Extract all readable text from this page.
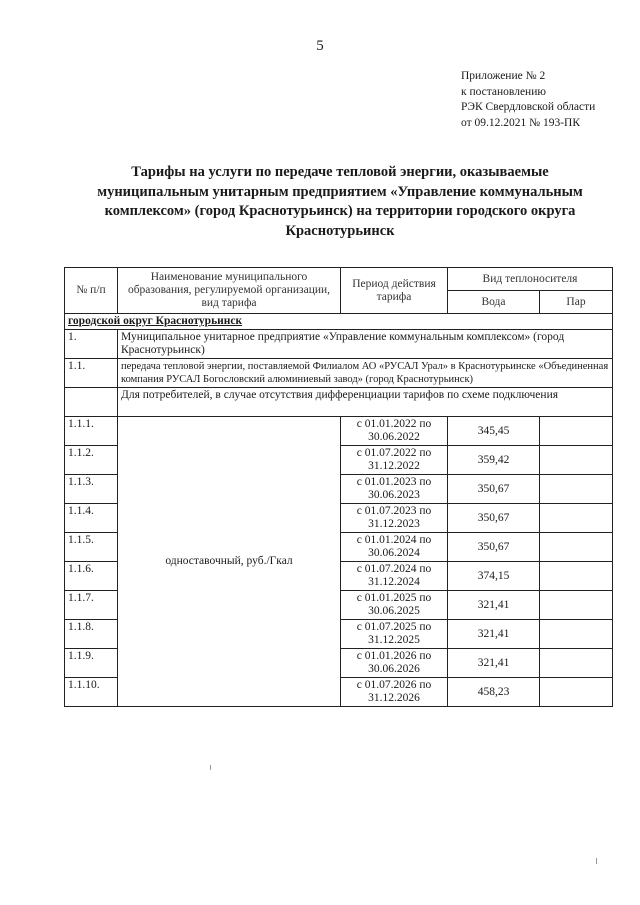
5
Приложение № 2
к постановлению
РЭК Свердловской области
от 09.12.2021 № 193-ПК
Тарифы на услуги по передаче тепловой энергии, оказываемые
муниципальным унитарным предприятием «Управление коммунальным
комплексом» (город Краснотурьинск) на территории городского округа
Краснотурьинск
№ п/п	Наименование муниципального образования, регулируемой организации, вид тарифа	Период действия тарифа	Вид теплоносителя	
			Вода	Пар
городской округ Краснотурьинск				
1.	Муниципальное унитарное предприятие «Управление коммунальным комплексом» (город Краснотурьинск)			
1.1.	передача тепловой энергии, поставляемой Филиалом АО «РУСАЛ Урал» в Краснотурьинске «Объединенная компания РУСАЛ Богословский алюминиевый завод» (город Краснотурьинск)			
	Для потребителей, в случае отсутствия дифференциации тарифов по схеме подключения			
1.1.1.	одноставочный, руб./Гкал	с 01.01.2022 по
30.06.2022	345,45	
1.1.2.		с 01.07.2022 по
31.12.2022	359,42	
1.1.3.		с 01.01.2023 по
30.06.2023	350,67	
1.1.4.		с 01.07.2023 по
31.12.2023	350,67	
1.1.5.		с 01.01.2024 по
30.06.2024	350,67	
1.1.6.		с 01.07.2024 по
31.12.2024	374,15	
1.1.7.		с 01.01.2025 по
30.06.2025	321,41	
1.1.8.		с 01.07.2025 по
31.12.2025	321,41	
1.1.9.		с 01.01.2026 по
30.06.2026	321,41	
1.1.10.		с 01.07.2026 по
31.12.2026	458,23	
